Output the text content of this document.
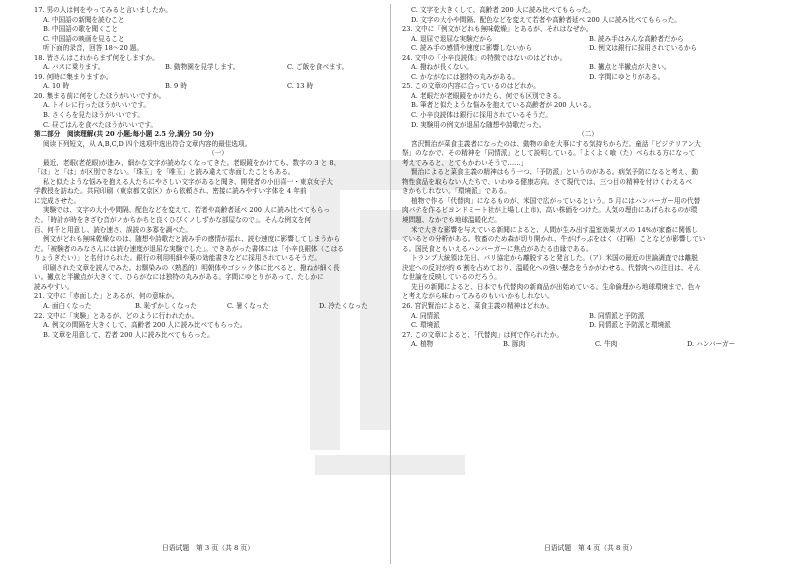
17. 男の人は何をやってみると言いましたか。
A. 中国語の新聞を読むこと
B. 中国語の歌を聞くこと
C. 中国語の映画を見ること
听下面的录音，回答 18～20 题。
18. 皆さんはこれからまず何をしますか。
A. バスに乗ります。	B. 動物園を見学します。	C. ご飯を食べます。
19. 何時に集まりますか。
A. 10 時	B. 9 時	C. 13 時
20. 集まる前に何をしたほうがいいですか。
A. トイレに行ったほうがいいです。
B. さくらを見たほうがいいです。
C. 昼ごはんを食べたほうがいいです。
第二部分　阅读理解(共 20 小题;每小题 2.5 分,满分 50 分)
阅读下列短文，从 A,B,C,D 四个选项中选出符合文章内容的最佳选项。
（一）
最近、老眼(老花眼)が進み、細かな文字が読めなくなってきた。老眼鏡をかけても、数字の 3 と 8、
「ほ」と「は」が区別できない。「珠玉」を「唯玉」と読み違えて赤面したこともある。
私と似たような悩みを抱える人たちにやさしい文字があると聞き、開発者の小田喜一・東京女子大
学教授を訪ねた。共同印刷（東京都文京区）から依頼され、密接に読みやすい字体を 4 年前
に完成させた。
実験では、文字の大小や間隔、配色などを変えて、若者や高齢者延べ 200 人に読み比べてもらっ
た。「時計が時をきざむ音がノかちかちと良くひびくノしずかな部屋なので」。そんな例文を何
百、何千と用意し、読む速さ、誤読の多寡を調べた。
例文がどれも無味乾燥なのは、随想や詩歌だと読み手の感情が揺れ、読む速度に影響してしまうから
だ。「被験者のみなさんには読む速度が退屈な実験でした」。できあがった書体には「小辛良銀体（こはる
りょうぎたい）」と名付けられた。銀行の利用明細や薬の効能書きなどに採用されているそうだ。
印刷された文章を読んでみた。お馴染みの（熟悉的）明朝体やゴシック体に比べると、撥ねが細く長
い。撇点と半撇点が大きくて、ひらがなには独特の丸みがある。字間にゆとりがあって、たしかに
読みやすい。
21. 文中に「赤面した」とあるが、何の意味か。
A. 面白くなった	B. 恥ずかしくなった	C. 暑くなった	D. 冷たくなった
22. 文中に「実験」とあるが、どのように行われたか。
A. 例文の間隔を大きくして、高齢者 200 人に読み比べてもらった。
B. 文章を用意して、若者 200 人に読み比べてもらった。
C. 文字を大きくして、高齢者 200 人に読み比べてもらった。
D. 文字の大小や間隔、配色などを変えて若者や高齢者延べ 200 人に読み比べてもらった。
23. 文中に「例文がどれも無味乾燥」とあるが、それはなぜか。
A. 退屈で退屈な実験だから	B. 読み手はみんな高齢者だから
C. 読み手の感情や速度に影響しないから	D. 例文は銀行に採用されているから
24. 文中の「小辛良読体」の特徴ではないのはどれか。
A. 撥ねが長くない。	B. 撇点と半撇点が大きい。
C. かながなには独特の丸みがある。	D. 字間にゆとりがある。
25. この文章の内容に合っているのはどれか。
A. 老眼だが老眼鏡をかけたら、何でも区別できる。
B. 筆者と似たような悩みを抱えている高齢者が 200 人いる。
C. 小辛良読体は銀行に採用されているそうだ。
D. 実験用の例文が退屈な随想や詩歌だった。
（二）
宮沢賢治が菜食主義者になったのは、動物の命を大事にする気持ちからだ。童話「ビジテリアン大
祭」のなかで、その精神を「同情派」として説明している。「よくよく喰（た）べられる方になって
考えてみると、とてもかわいそうで……」
賢治によると菜食主義の精神はもう一つ、「予防派」というのがある。病気予防になると考え、動
物性食品を取らない人たちで、いわゆる健康志向。さて現代では、三つ目の精神を付けくわえるべ
きかもしれない。「環境派」である。
植物で作る「代替肉」になるものが、米国で広がっているという。5 月にはハンバーガー用の代替
肉パテを作るビヨンドミート社が上場し(上市)、高い株価をつけた。人気の理由にあげられるのが環
境問題、なかでも地球温暖化だ。
米で大きな影響を与えている新聞によると、人間が生み出す温室効果ガスの 14%が家畜に関係し
ているとの分析がある。牧畜のため森が切り開かれ、牛がげっぷをはく（打嗝）ことなどが影響してい
る。国民食ともいえるハンバーガーに焦点があたる由縁である。
トランプ大統領は先日、パリ協定から離脱すると発言した。（ア）米国の最近の世論調査では離脱
決定への反対が約 6 割を占めており、温暖化への強い懸念をうかがわせる。代替肉への注目は、そん
な世論を反映しているのだろう。
先日の新聞によると、日本でも代替肉の新商品が出始めている。生命倫理から地球環境まで、色々
と考えながら味わってみるのもいいかもしれない。
26. 宮沢賢治によると、菜食主義の精神はどれか。
A. 同情派	B. 同情派と予防派
C. 環境派	D. 同情派と予防派と環境派
27. この文章によると、「代替肉」は何で作られたか。
A. 植物	B. 豚肉	C. 牛肉	D. ハンバーガー
日语试题　第 3 页（共 8 页）	日语试题　第 4 页（共 8 页）
